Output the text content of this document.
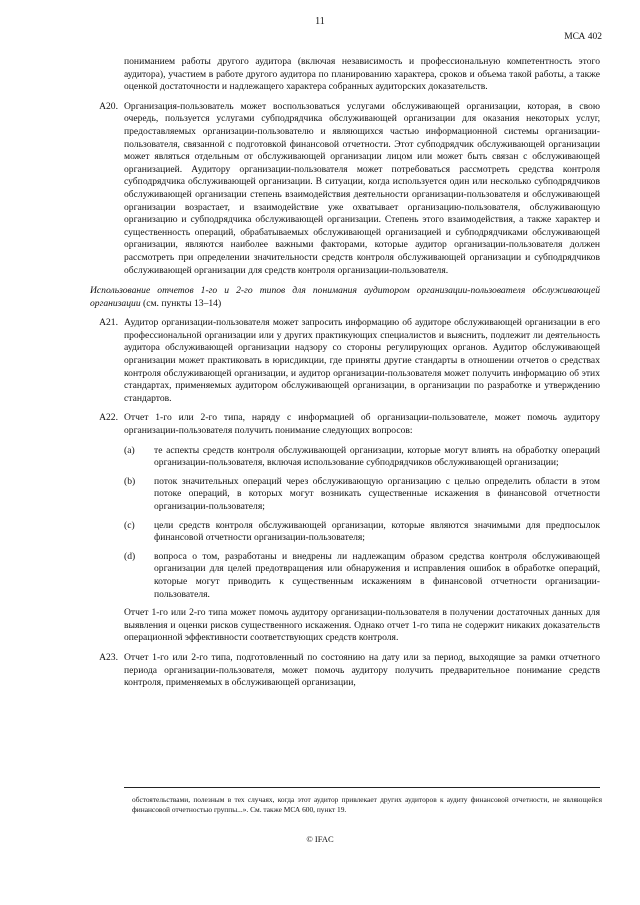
11
МСА 402

пониманием работы другого аудитора (включая независимость и профессиональную компетентность этого аудитора), участием в работе другого аудитора по планированию характера, сроков и объема такой работы, а также оценкой достаточности и надлежащего характера собранных аудиторских доказательств.

A20. Организация-пользователь может воспользоваться услугами обслуживающей организации, которая, в свою очередь, пользуется услугами субподрядчика обслуживающей организации для оказания некоторых услуг, предоставляемых организации-пользователю и являющихся частью информационной системы организации-пользователя, связанной с подготовкой финансовой отчетности. Этот субподрядчик обслуживающей организации может являться отдельным от обслуживающей организации лицом или может быть связан с обслуживающей организацией. Аудитору организации-пользователя может потребоваться рассмотреть средства контроля субподрядчика обслуживающей организации. В ситуации, когда используется один или несколько субподрядчиков обслуживающей организации степень взаимодействия деятельности организации-пользователя и обслуживающей организации возрастает, и взаимодействие уже охватывает организацию-пользователя, обслуживающую организацию и субподрядчика обслуживающей организации. Степень этого взаимодействия, а также характер и существенность операций, обрабатываемых обслуживающей организацией и субподрядчиками обслуживающей организации, являются наиболее важными факторами, которые аудитор организации-пользователя должен рассмотреть при определении значительности средств контроля обслуживающей организации и субподрядчиков обслуживающей организации для средств контроля организации-пользователя.
Использование отчетов 1-го и 2-го типов для понимания аудитором организации-пользователя обслуживающей организации (см. пункты 13–14)
A21. Аудитор организации-пользователя может запросить информацию об аудиторе обслуживающей организации в его профессиональной организации или у других практикующих специалистов и выяснить, подлежит ли деятельность аудитора обслуживающей организации надзору со стороны регулирующих органов. Аудитор обслуживающей организации может практиковать в юрисдикции, где приняты другие стандарты в отношении отчетов о средствах контроля обслуживающей организации, и аудитор организации-пользователя может получить информацию об этих стандартах, применяемых аудитором обслуживающей организации, в организации по разработке и утверждению стандартов.
A22. Отчет 1-го или 2-го типа, наряду с информацией об организации-пользователе, может помочь аудитору организации-пользователя получить понимание следующих вопросов:
(a)	те аспекты средств контроля обслуживающей организации, которые могут влиять на обработку операций организации-пользователя, включая использование субподрядчиков обслуживающей организации;
(b)	поток значительных операций через обслуживающую организацию с целью определить области в этом потоке операций, в которых могут возникать существенные искажения в финансовой отчетности организации-пользователя;
(c)	цели средств контроля обслуживающей организации, которые являются значимыми для предпосылок финансовой отчетности организации-пользователя;
(d)	вопроса о том, разработаны и внедрены ли надлежащим образом средства контроля обслуживающей организации для целей предотвращения или обнаружения и исправления ошибок в обработке операций, которые могут приводить к существенным искажениям в финансовой отчетности организации-пользователя.

Отчет 1-го или 2-го типа может помочь аудитору организации-пользователя в получении достаточных данных для выявления и оценки рисков существенного искажения. Однако отчет 1-го типа не содержит никаких доказательств операционной эффективности соответствующих средств контроля.

A23. Отчет 1-го или 2-го типа, подготовленный по состоянию на дату или за период, выходящие за рамки отчетного периода организации-пользователя, может помочь аудитору получить предварительное понимание средств контроля, применяемых в обслуживающей организации,
обстоятельствами, полезным в тех случаях, когда этот аудитор привлекает других аудиторов к аудиту финансовой отчетности, не являющейся финансовой отчетностью группы...». См. также МСА 600, пункт 19.
© IFAC
